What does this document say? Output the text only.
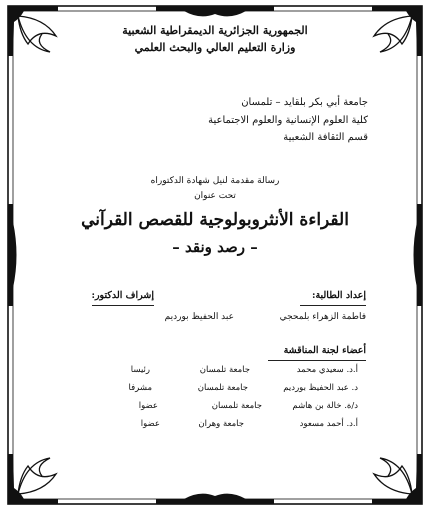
الجمهورية الجزائرية الديمقراطية الشعبية
وزارة التعليم العالي والبحث العلمي
جامعة أبي بكر بلقايد – تلمسان
كلية العلوم الإنسانية والعلوم الاجتماعية
قسم الثقافة الشعبية
رسالة مقدمة لنيل شهادة الدكتوراه
تحت عنوان
القراءة الأنثروبولوجية للقصص القرآني
– رصد ونقد –
إعداد الطالبة:
فاطمة الزهراء بلمحجي
إشراف الدكتور:
عبد الحفيظ بورديم
أعضاء لجنة المناقشة
أ.د. سعيدي محمد
جامعة تلمسان
رئيسا
د. عبد الحفيظ بورديم
جامعة تلمسان
مشرفا
د/ة. خالة بن هاشم
جامعة تلمسان
عضوا
أ.د. أحمد مسعود
جامعة وهران
عضوا
